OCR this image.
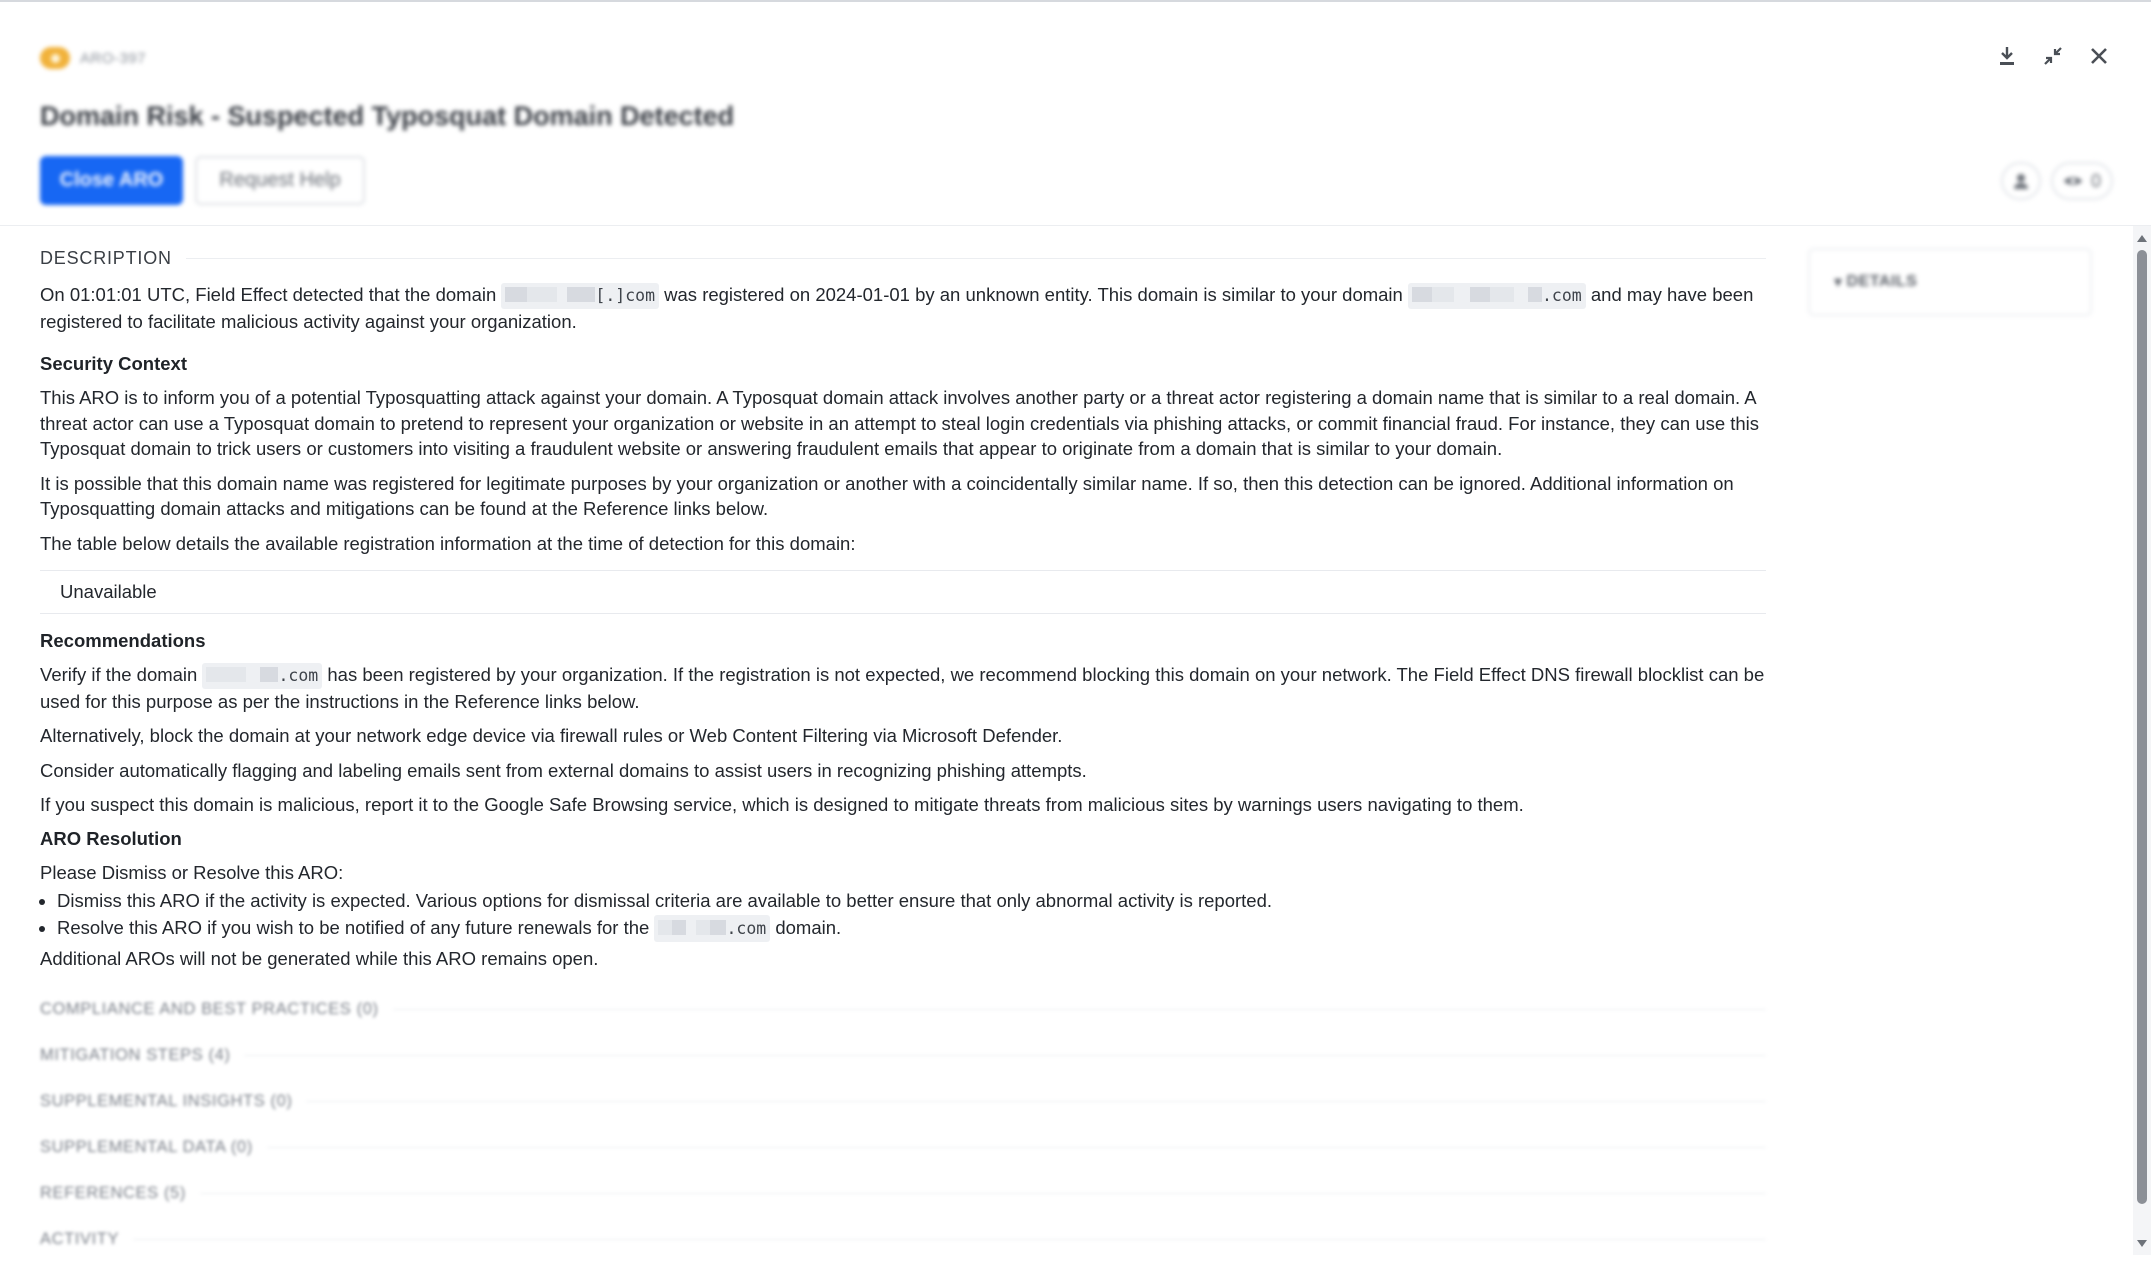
ARO-397
Domain Risk - Suspected Typosquat Domain Detected
Close ARO	Request Help	0
DESCRIPTION

On 01:01:01 UTC, Field Effect detected that the domain	[.]com was registered on 2024-01-01 by an unknown entity. This domain is similar to your domain	.com and may have been registered to facilitate malicious activity against your organization.

Security Context

This ARO is to inform you of a potential Typosquatting attack against your domain. A Typosquat domain attack involves another party or a threat actor registering a domain name that is similar to a real domain. A threat actor can use a Typosquat domain to pretend to represent your organization or website in an attempt to steal login credentials via phishing attacks, or commit financial fraud. For instance, they can use this Typosquat domain to trick users or customers into visiting a fraudulent website or answering fraudulent emails that appear to originate from a domain that is similar to your domain.

It is possible that this domain name was registered for legitimate purposes by your organization or another with a coincidentally similar name. If so, then this detection can be ignored. Additional information on Typosquatting domain attacks and mitigations can be found at the Reference links below.

The table below details the available registration information at the time of detection for this domain:

Unavailable
Recommendations

Verify if the domain	.com has been registered by your organization. If the registration is not expected, we recommend blocking this domain on your network. The Field Effect DNS firewall blocklist can be used for this purpose as per the instructions in the Reference links below.

Alternatively, block the domain at your network edge device via firewall rules or Web Content Filtering via Microsoft Defender.

Consider automatically flagging and labeling emails sent from external domains to assist users in recognizing phishing attempts.

If you suspect this domain is malicious, report it to the Google Safe Browsing service, which is designed to mitigate threats from malicious sites by warnings users navigating to them.

ARO Resolution

Please Dismiss or Resolve this ARO:

• Dismiss this ARO if the activity is expected. Various options for dismissal criteria are available to better ensure that only abnormal activity is reported.
• Resolve this ARO if you wish to be notified of any future renewals for the	.com domain.

Additional AROs will not be generated while this ARO remains open.

COMPLIANCE AND BEST PRACTICES (0)
MITIGATION STEPS (4)
SUPPLEMENTAL INSIGHTS (0)
SUPPLEMENTAL DATA (0)
REFERENCES (5)
ACTIVITY
▾ DETAILS
